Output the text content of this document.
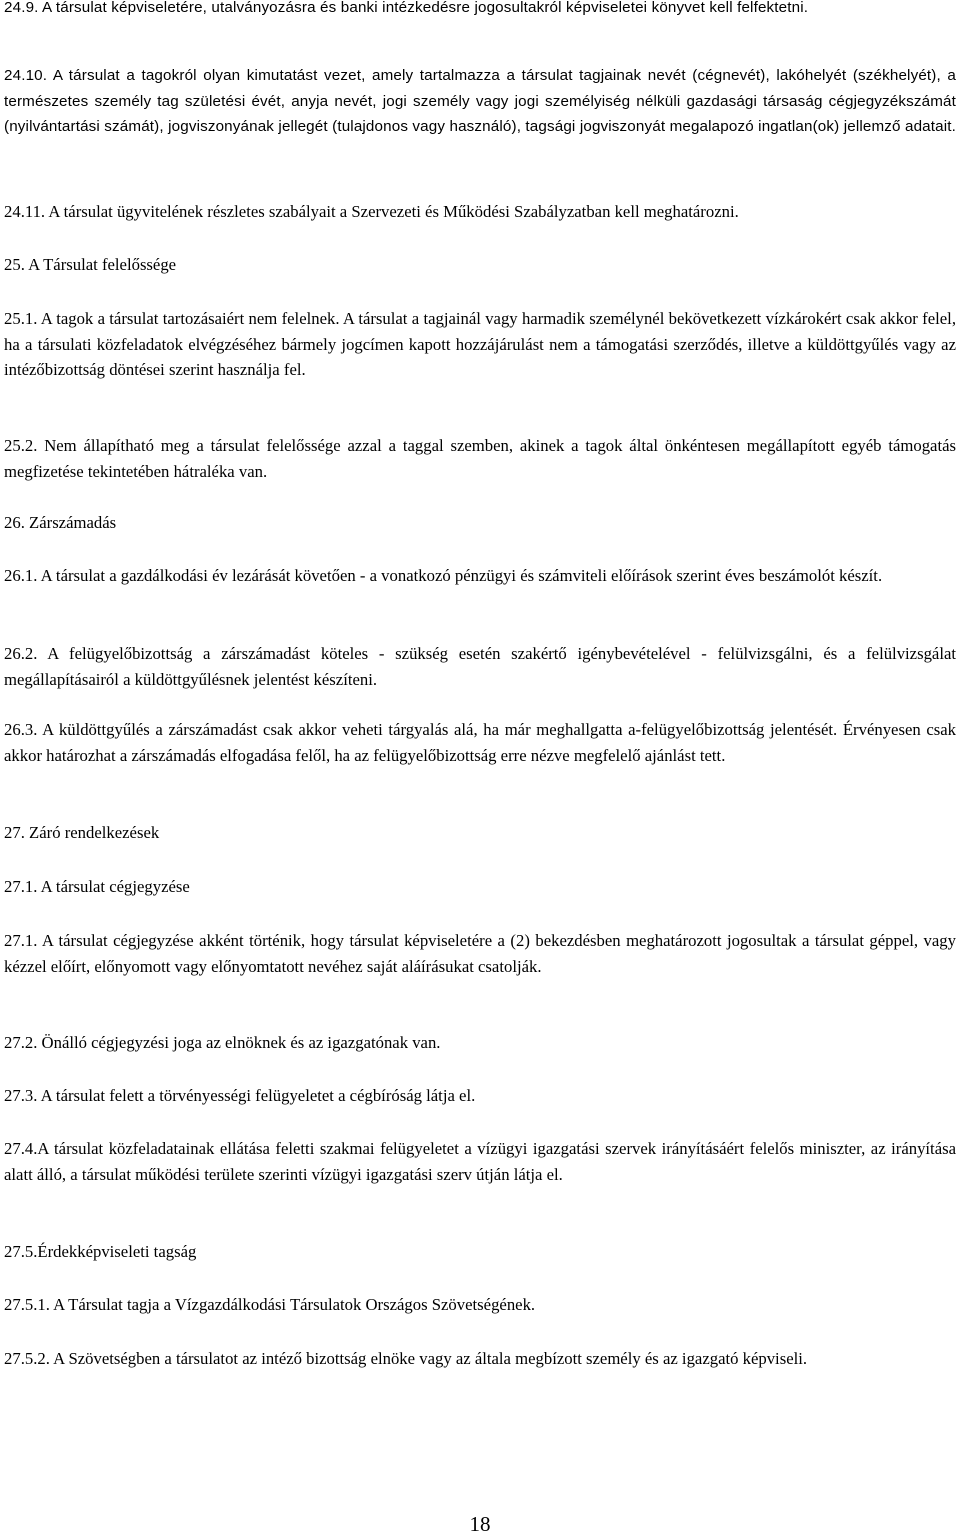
24.9. A társulat képviseletére, utalványozásra és banki intézkedésre jogosultakról képviseletei könyvet kell felfektetni.

24.10. A társulat a tagokról olyan kimutatást vezet, amely tartalmazza a társulat tagjainak nevét (cégnevét), lakóhelyét (székhelyét), a természetes személy tag születési évét, anyja nevét, jogi személy vagy jogi személyiség nélküli gazdasági társaság cégjegyzékszámát (nyilvántartási számát), jogviszonyának jellegét (tulajdonos vagy használó), tagsági jogviszonyát megalapozó ingatlan(ok) jellemző adatait.

24.11. A társulat ügyvitelének részletes szabályait a Szervezeti és Működési Szabályzatban kell meghatározni.

25. A Társulat felelőssége

25.1. A tagok a társulat tartozásaiért nem felelnek. A társulat a tagjainál vagy harmadik személynél bekövetkezett vízkárokért csak akkor felel, ha a társulati közfeladatok elvégzéséhez bármely jogcímen kapott hozzájárulást nem a támogatási szerződés, illetve a küldöttgyűlés vagy az intézőbizottság döntései szerint használja fel.

25.2. Nem állapítható meg a társulat felelőssége azzal a taggal szemben, akinek a tagok által önkéntesen megállapított egyéb támogatás megfizetése tekintetében hátraléka van.

26. Zárszámadás

26.1. A társulat a gazdálkodási év lezárását követően - a vonatkozó pénzügyi és számviteli előírások szerint éves beszámolót készít.

26.2. A felügyelőbizottság a zárszámadást köteles - szükség esetén szakértő igénybevételével - felülvizsgálni, és a felülvizsgálat megállapításairól a küldöttgyűlésnek jelentést készíteni.

26.3. A küldöttgyűlés a zárszámadást csak akkor veheti tárgyalás alá, ha már meghallgatta a-felügyelőbizottság jelentését. Érvényesen csak akkor határozhat a zárszámadás elfogadása felől, ha az felügyelőbizottság erre nézve megfelelő ajánlást tett.

27. Záró rendelkezések

27.1. A társulat cégjegyzése

27.1. A társulat cégjegyzése akként történik, hogy társulat képviseletére a (2) bekezdésben meghatározott jogosultak a társulat géppel, vagy kézzel előírt, előnyomott vagy előnyomtatott nevéhez saját aláírásukat csatolják.

27.2. Önálló cégjegyzési joga az elnöknek és az igazgatónak van.

27.3. A társulat felett a törvényességi felügyeletet a cégbíróság látja el.

27.4.A társulat közfeladatainak ellátása feletti szakmai felügyeletet a vízügyi igazgatási szervek irányításáért felelős miniszter, az irányítása alatt álló, a társulat működési területe szerinti vízügyi igazgatási szerv útján látja el.

27.5.Érdekképviseleti tagság

27.5.1. A Társulat tagja a Vízgazdálkodási Társulatok Országos Szövetségének.

27.5.2. A Szövetségben a társulatot az intéző bizottság elnöke vagy az általa megbízott személy és az igazgató képviseli.

18
